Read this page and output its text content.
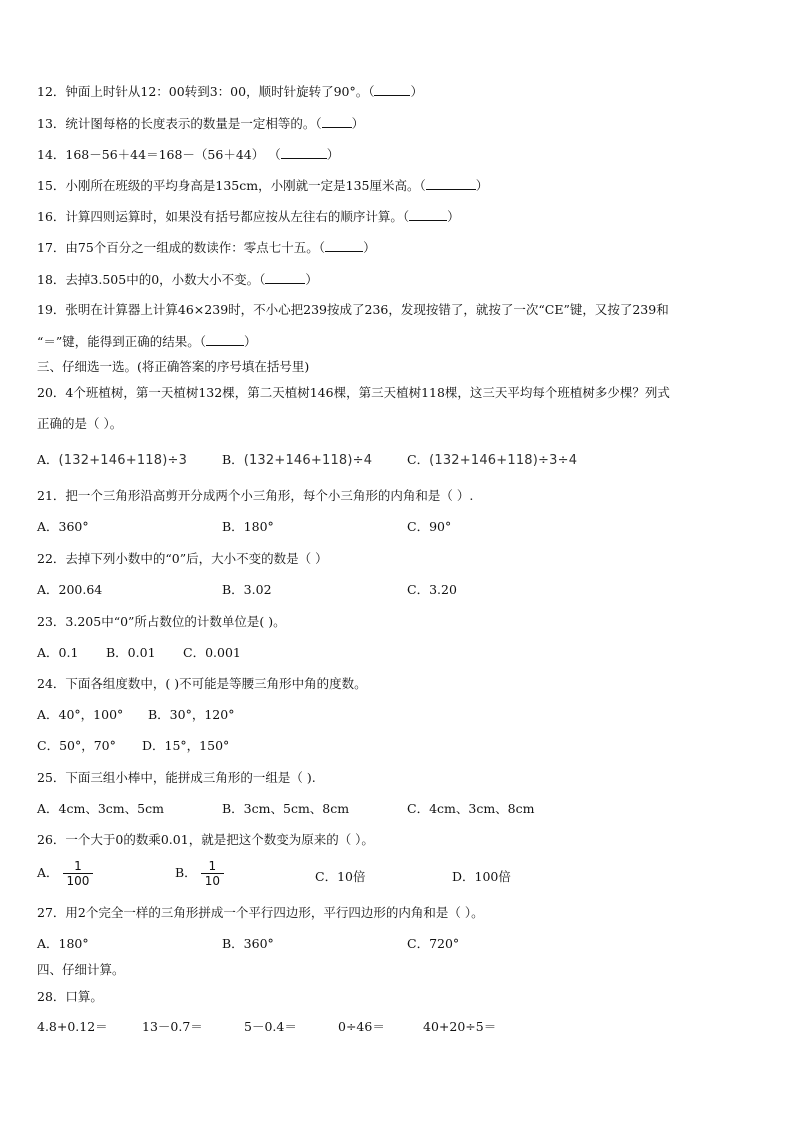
12．钟面上时针从12：00转到3：00，顺时针旋转了90°。（	）
13．统计图每格的长度表示的数量是一定相等的。（ ）
14．168－56＋44＝168－（56＋44） （	）
15．小刚所在班级的平均身高是135cm，小刚就一定是135厘米高。（	）
16．计算四则运算时，如果没有括号都应按从左往右的顺序计算。（	）
17．由75个百分之一组成的数读作：零点七十五。（	）
18．去掉3.505中的0，小数大小不变。（	）
19．张明在计算器上计算46×239时，不小心把239按成了236，发现按错了，就按了一次“CE”键，又按了239和
“＝”键，能得到正确的结果。（	）
三、仔细选一选。(将正确答案的序号填在括号里)
20．4个班植树，第一天植树132棵，第二天植树146棵，第三天植树118棵，这三天平均每个班植树多少棵？列式
正确的是（ ）。
A．(132+146+118)÷3	B．(132+146+118)÷4	C．(132+146+118)÷3÷4
21．把一个三角形沿高剪开分成两个小三角形，每个小三角形的内角和是（ ）.
A．360°	B．180°	C．90°
22．去掉下列小数中的“0”后，大小不变的数是（ ）
A．200.64	B．3.02	C．3.20
23．3.205中“0”所占数位的计数单位是( )。
A．0.1 B．0.01 C．0.001
24．下面各组度数中，( )不可能是等腰三角形中角的度数。
A．40°，100° B．30°，120°
C．50°，70° D．15°，150°
25．下面三组小棒中，能拼成三角形的一组是（ ).
A．4cm、3cm、5cm	B．3cm、5cm、8cm	C．4cm、3cm、8cm
26．一个大于0的数乘0.01，就是把这个数变为原来的（ ）。
A． $\frac{1}{100}$	B． $\frac{1}{10}$	C．10倍	D．100倍
27．用2个完全一样的三角形拼成一个平行四边形，平行四边形的内角和是（ ）。
A．180°	B．360°	C．720°
四、仔细计算。
28．口算。
4.8+0.12＝	13－0.7＝	5－0.4＝	0÷46＝	40+20÷5＝
